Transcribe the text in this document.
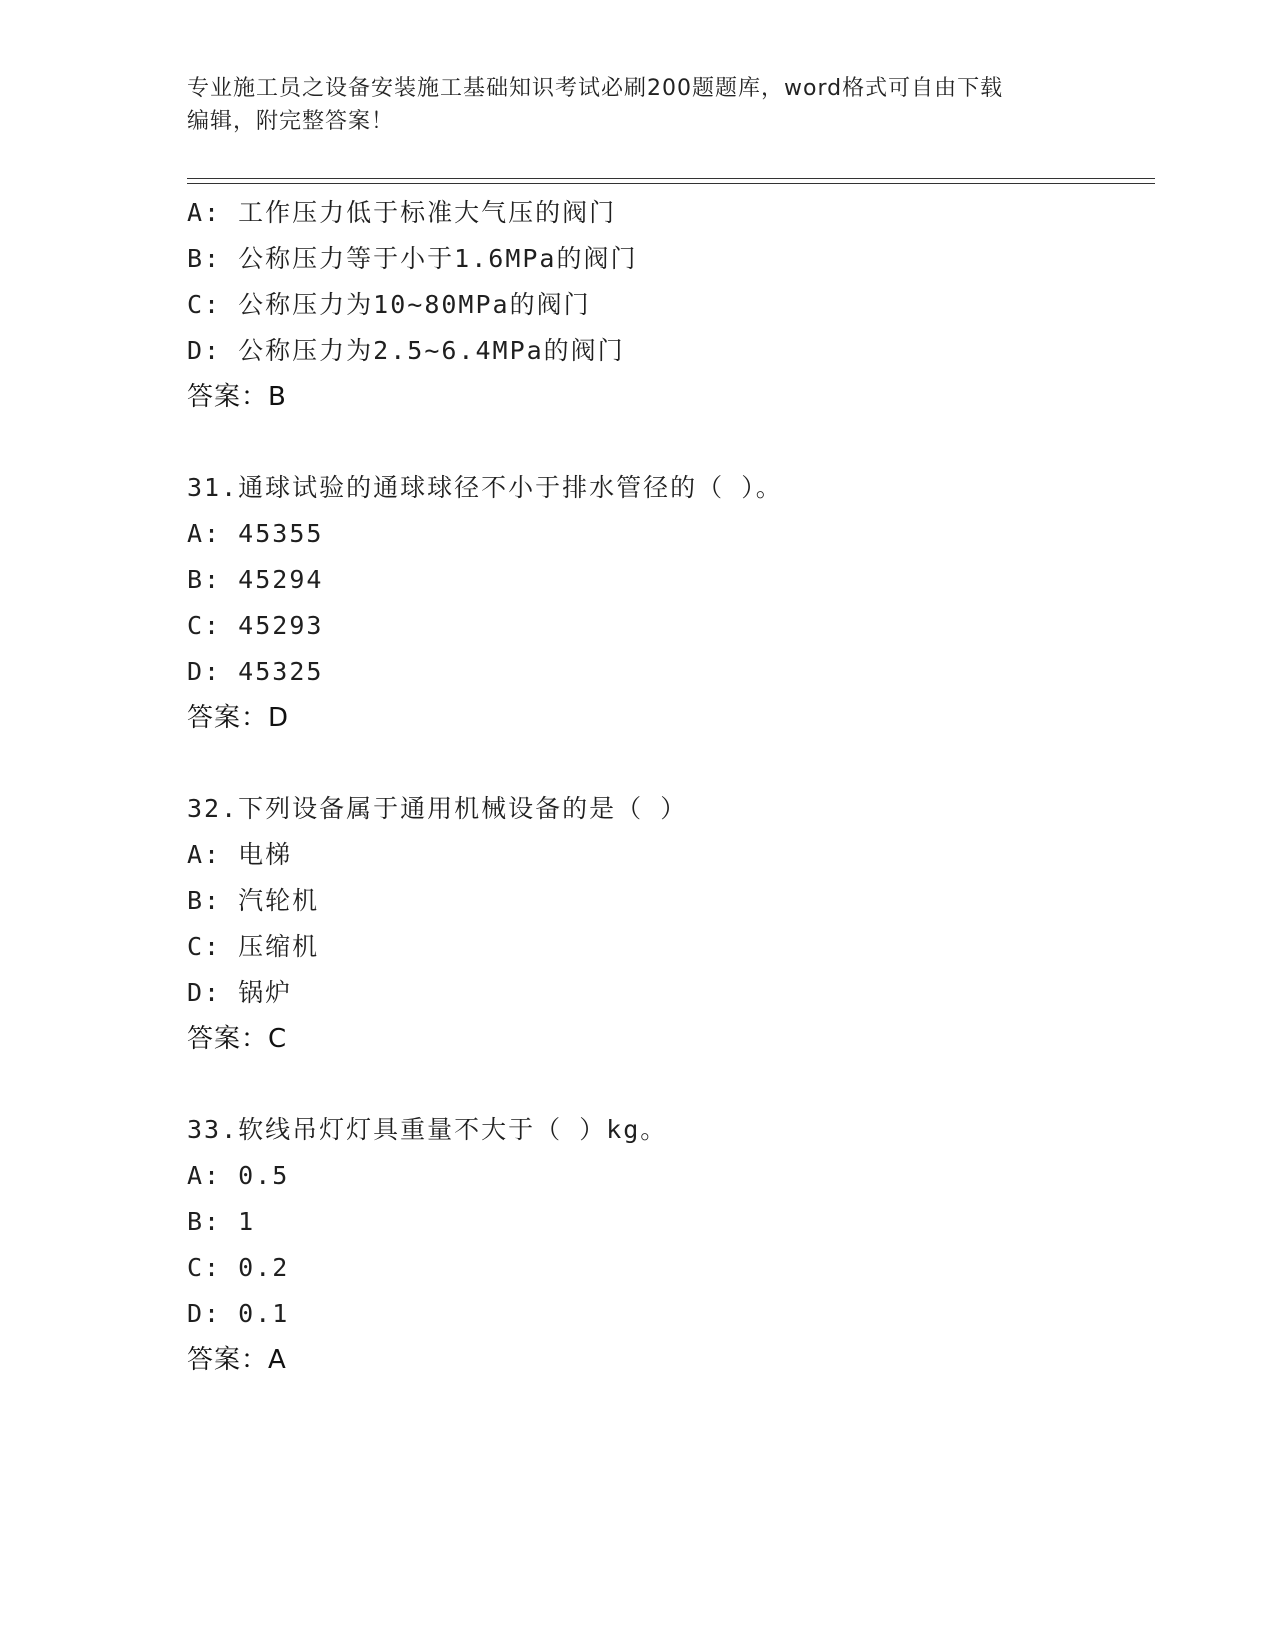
专业施工员之设备安装施工基础知识考试必刷200题题库，word格式可自由下载
编辑，附完整答案！
A: 工作压力低于标准大气压的阀门
B: 公称压力等于小于1.6MPa的阀门
C: 公称压力为10~80MPa的阀门
D: 公称压力为2.5~6.4MPa的阀门
答案：B
31.通球试验的通球球径不小于排水管径的（ ）。
A: 45355
B: 45294
C: 45293
D: 45325
答案：D
32.下列设备属于通用机械设备的是（ ）
A: 电梯
B: 汽轮机
C: 压缩机
D: 锅炉
答案：C
33.软线吊灯灯具重量不大于（ ）kg。
A: 0.5
B: 1
C: 0.2
D: 0.1
答案：A
